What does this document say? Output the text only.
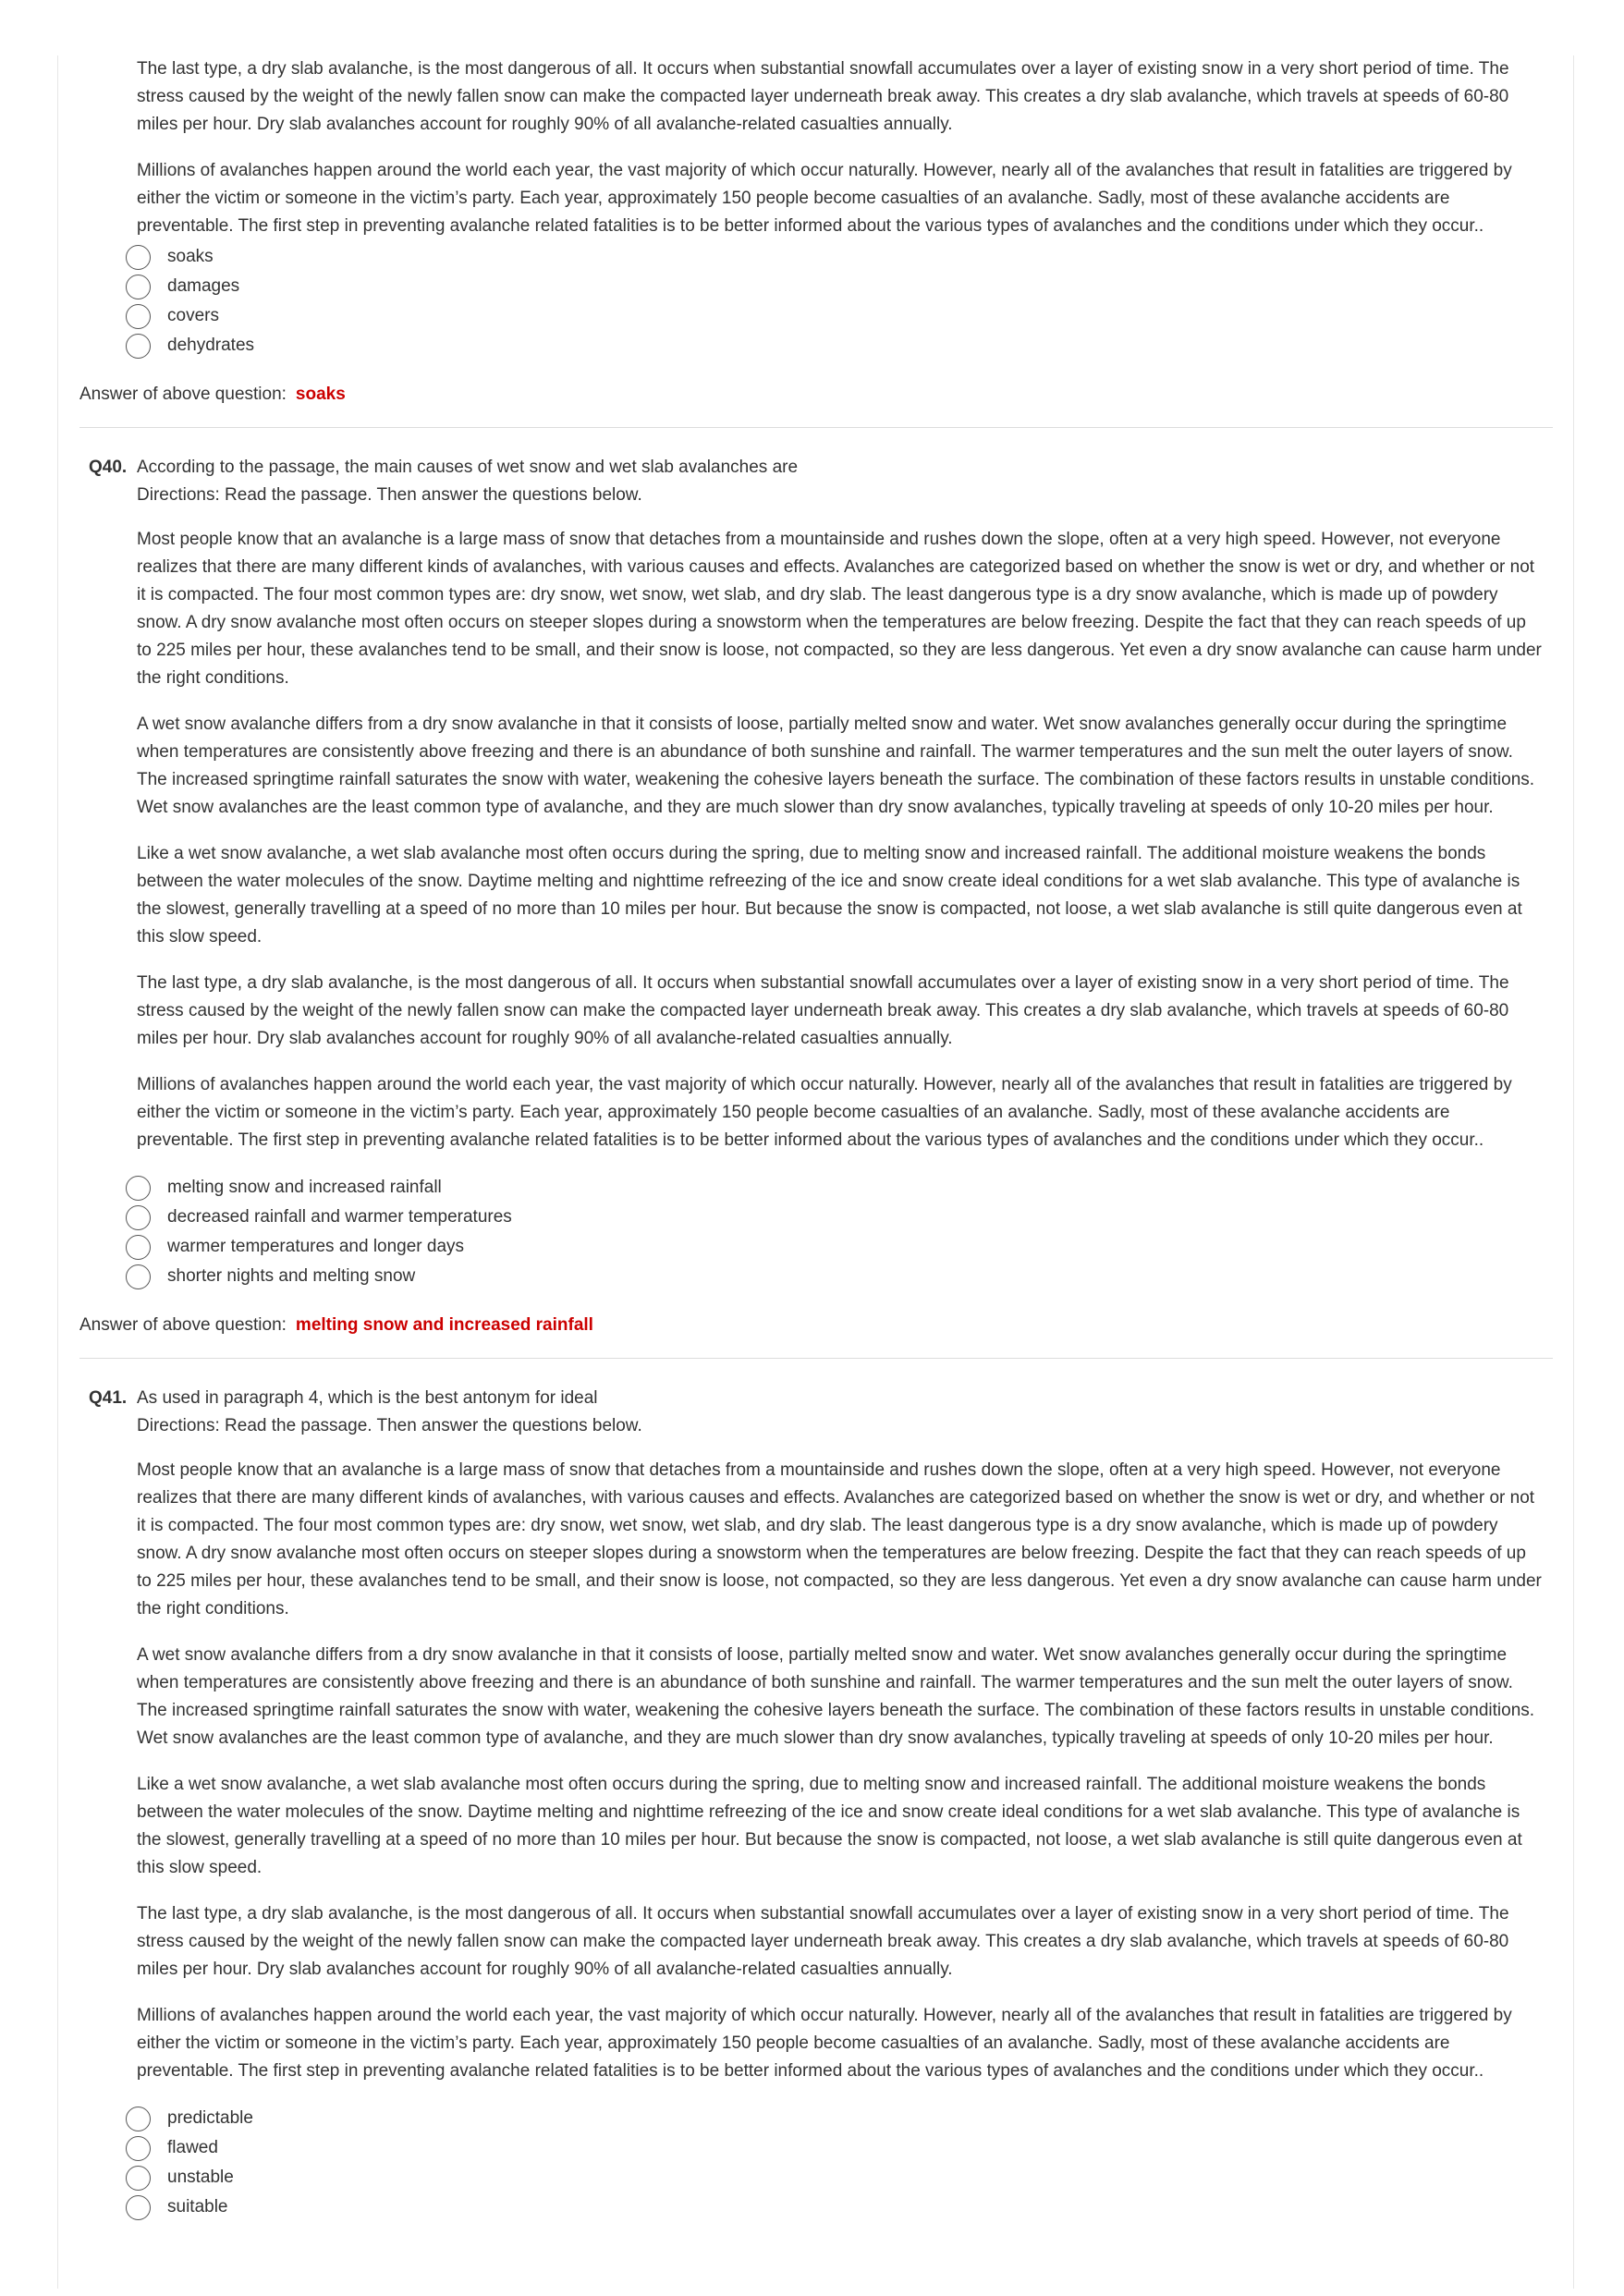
The last type, a dry slab avalanche, is the most dangerous of all. It occurs when substantial snowfall accumulates over a layer of existing snow in a very short period of time. The stress caused by the weight of the newly fallen snow can make the compacted layer underneath break away. This creates a dry slab avalanche, which travels at speeds of 60-80 miles per hour. Dry slab avalanches account for roughly 90% of all avalanche-related casualties annually.

Millions of avalanches happen around the world each year, the vast majority of which occur naturally. However, nearly all of the avalanches that result in fatalities are triggered by either the victim or someone in the victim’s party. Each year, approximately 150 people become casualties of an avalanche. Sadly, most of these avalanche accidents are preventable. The first step in preventing avalanche related fatalities is to be better informed about the various types of avalanches and the conditions under which they occur..

soaks
damages
covers
dehydrates
Answer of above question: soaks
Q40. According to the passage, the main causes of wet snow and wet slab avalanches are
Directions: Read the passage. Then answer the questions below.

Most people know that an avalanche is a large mass of snow that detaches from a mountainside and rushes down the slope, often at a very high speed. However, not everyone realizes that there are many different kinds of avalanches, with various causes and effects. Avalanches are categorized based on whether the snow is wet or dry, and whether or not it is compacted. The four most common types are: dry snow, wet snow, wet slab, and dry slab. The least dangerous type is a dry snow avalanche, which is made up of powdery snow. A dry snow avalanche most often occurs on steeper slopes during a snowstorm when the temperatures are below freezing. Despite the fact that they can reach speeds of up to 225 miles per hour, these avalanches tend to be small, and their snow is loose, not compacted, so they are less dangerous. Yet even a dry snow avalanche can cause harm under the right conditions.

A wet snow avalanche differs from a dry snow avalanche in that it consists of loose, partially melted snow and water. Wet snow avalanches generally occur during the springtime when temperatures are consistently above freezing and there is an abundance of both sunshine and rainfall. The warmer temperatures and the sun melt the outer layers of snow. The increased springtime rainfall saturates the snow with water, weakening the cohesive layers beneath the surface. The combination of these factors results in unstable conditions. Wet snow avalanches are the least common type of avalanche, and they are much slower than dry snow avalanches, typically traveling at speeds of only 10-20 miles per hour.

Like a wet snow avalanche, a wet slab avalanche most often occurs during the spring, due to melting snow and increased rainfall. The additional moisture weakens the bonds between the water molecules of the snow. Daytime melting and nighttime refreezing of the ice and snow create ideal conditions for a wet slab avalanche. This type of avalanche is the slowest, generally travelling at a speed of no more than 10 miles per hour. But because the snow is compacted, not loose, a wet slab avalanche is still quite dangerous even at this slow speed.

The last type, a dry slab avalanche, is the most dangerous of all. It occurs when substantial snowfall accumulates over a layer of existing snow in a very short period of time. The stress caused by the weight of the newly fallen snow can make the compacted layer underneath break away. This creates a dry slab avalanche, which travels at speeds of 60-80 miles per hour. Dry slab avalanches account for roughly 90% of all avalanche-related casualties annually.

Millions of avalanches happen around the world each year, the vast majority of which occur naturally. However, nearly all of the avalanches that result in fatalities are triggered by either the victim or someone in the victim’s party. Each year, approximately 150 people become casualties of an avalanche. Sadly, most of these avalanche accidents are preventable. The first step in preventing avalanche related fatalities is to be better informed about the various types of avalanches and the conditions under which they occur..

melting snow and increased rainfall
decreased rainfall and warmer temperatures
warmer temperatures and longer days
shorter nights and melting snow
Answer of above question: melting snow and increased rainfall
Q41. As used in paragraph 4, which is the best antonym for ideal
Directions: Read the passage. Then answer the questions below.

Most people know that an avalanche is a large mass of snow that detaches from a mountainside and rushes down the slope, often at a very high speed. However, not everyone realizes that there are many different kinds of avalanches, with various causes and effects. Avalanches are categorized based on whether the snow is wet or dry, and whether or not it is compacted. The four most common types are: dry snow, wet snow, wet slab, and dry slab. The least dangerous type is a dry snow avalanche, which is made up of powdery snow. A dry snow avalanche most often occurs on steeper slopes during a snowstorm when the temperatures are below freezing. Despite the fact that they can reach speeds of up to 225 miles per hour, these avalanches tend to be small, and their snow is loose, not compacted, so they are less dangerous. Yet even a dry snow avalanche can cause harm under the right conditions.

A wet snow avalanche differs from a dry snow avalanche in that it consists of loose, partially melted snow and water. Wet snow avalanches generally occur during the springtime when temperatures are consistently above freezing and there is an abundance of both sunshine and rainfall. The warmer temperatures and the sun melt the outer layers of snow. The increased springtime rainfall saturates the snow with water, weakening the cohesive layers beneath the surface. The combination of these factors results in unstable conditions. Wet snow avalanches are the least common type of avalanche, and they are much slower than dry snow avalanches, typically traveling at speeds of only 10-20 miles per hour.

Like a wet snow avalanche, a wet slab avalanche most often occurs during the spring, due to melting snow and increased rainfall. The additional moisture weakens the bonds between the water molecules of the snow. Daytime melting and nighttime refreezing of the ice and snow create ideal conditions for a wet slab avalanche. This type of avalanche is the slowest, generally travelling at a speed of no more than 10 miles per hour. But because the snow is compacted, not loose, a wet slab avalanche is still quite dangerous even at this slow speed.

The last type, a dry slab avalanche, is the most dangerous of all. It occurs when substantial snowfall accumulates over a layer of existing snow in a very short period of time. The stress caused by the weight of the newly fallen snow can make the compacted layer underneath break away. This creates a dry slab avalanche, which travels at speeds of 60-80 miles per hour. Dry slab avalanches account for roughly 90% of all avalanche-related casualties annually.

Millions of avalanches happen around the world each year, the vast majority of which occur naturally. However, nearly all of the avalanches that result in fatalities are triggered by either the victim or someone in the victim’s party. Each year, approximately 150 people become casualties of an avalanche. Sadly, most of these avalanche accidents are preventable. The first step in preventing avalanche related fatalities is to be better informed about the various types of avalanches and the conditions under which they occur..

predictable
flawed
unstable
suitable
